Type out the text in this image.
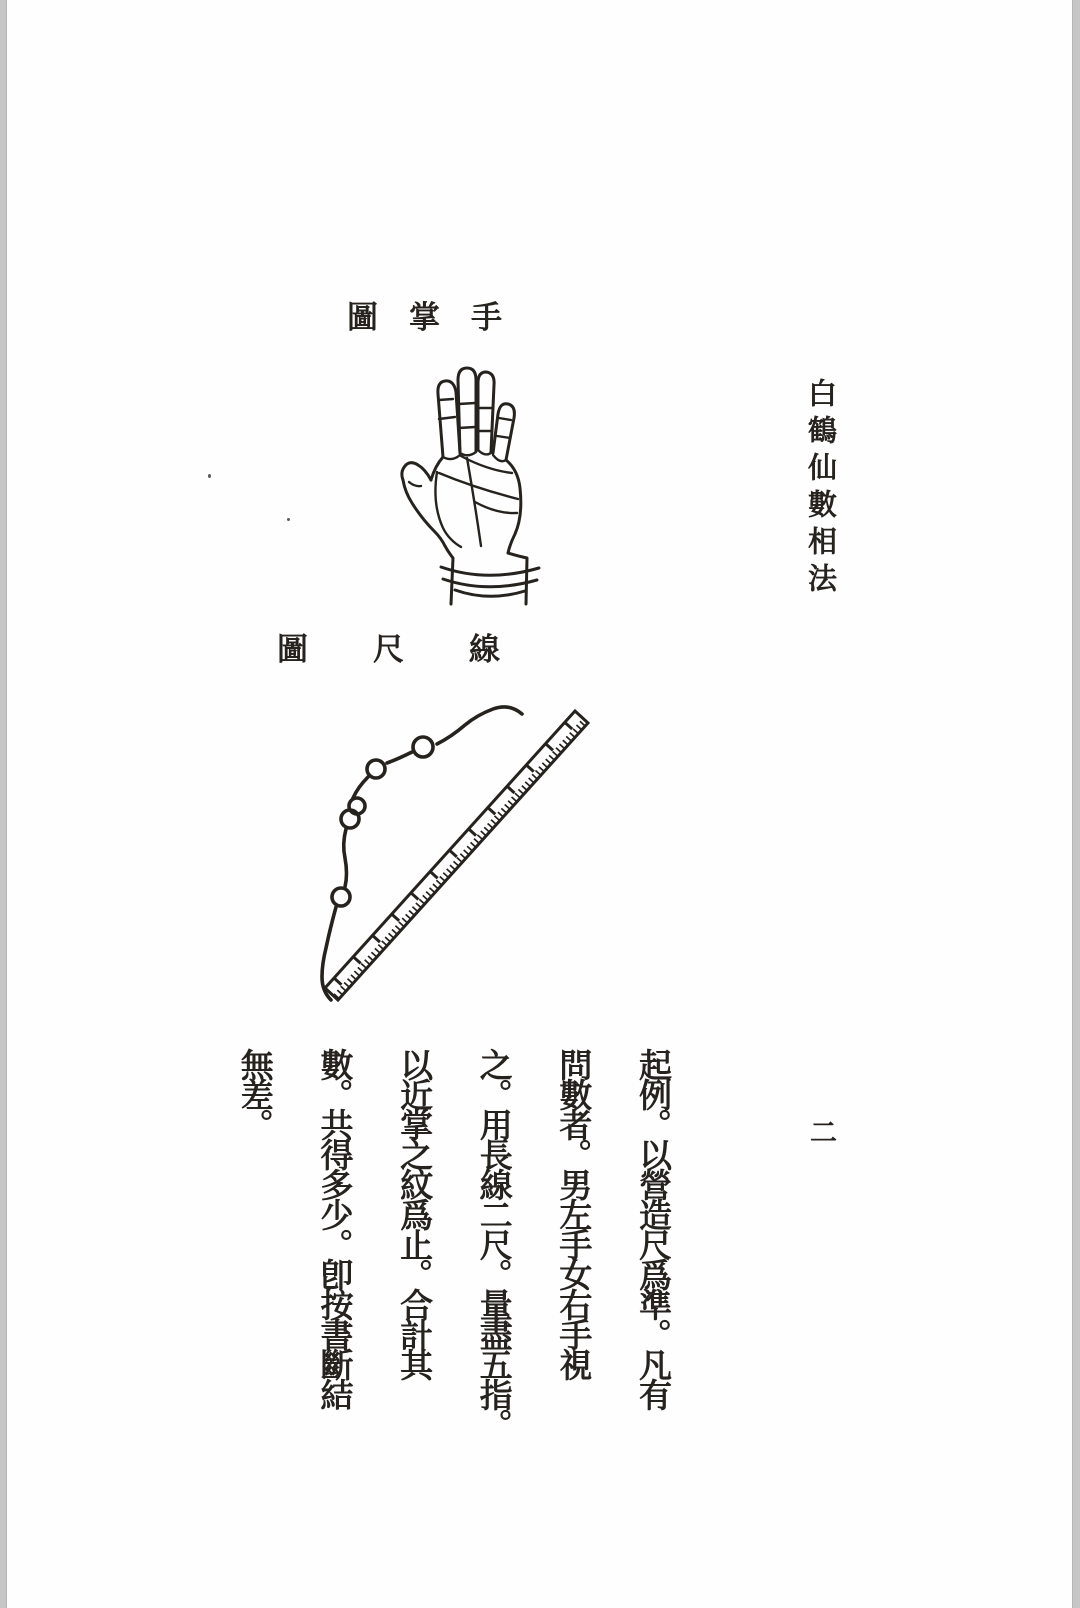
手掌圖
線尺圖
白鶴仙數相法
二
起例。以營造尺爲準。凡有
問數者。男左手女右手視
之。用長線二尺。量盡五指。
以近掌之紋爲止。合計其
數。共得多少。卽按書斷結
無差。
